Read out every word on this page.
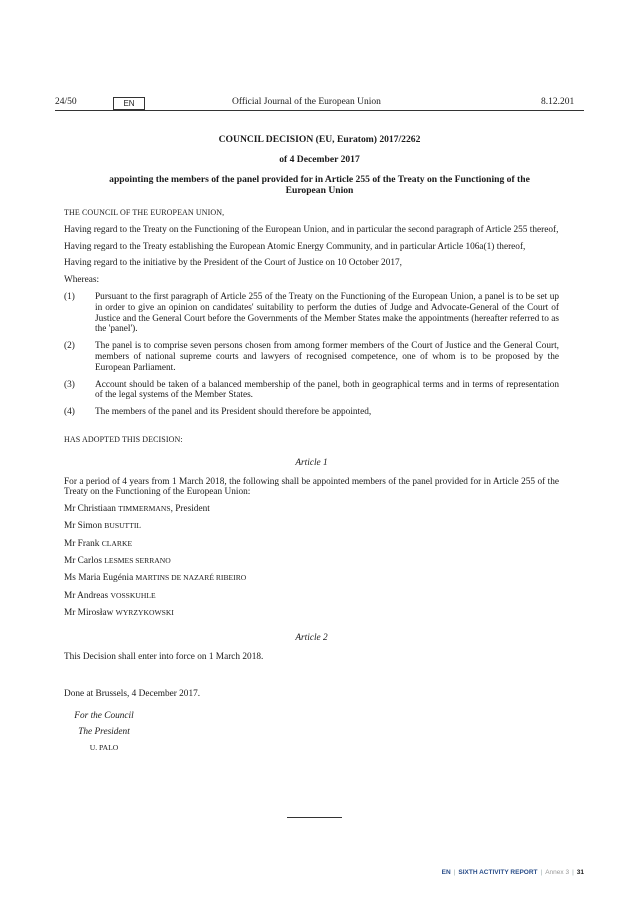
24/50	EN	Official Journal of the European Union	8.12.201

COUNCIL DECISION (EU, Euratom) 2017/2262

of 4 December 2017

appointing the members of the panel provided for in Article 255 of the Treaty on the Functioning of the European Union

THE COUNCIL OF THE EUROPEAN UNION,

Having regard to the Treaty on the Functioning of the European Union, and in particular the second paragraph of Article 255 thereof,

Having regard to the Treaty establishing the European Atomic Energy Community, and in particular Article 106a(1) thereof,

Having regard to the initiative by the President of the Court of Justice on 10 October 2017,

Whereas:

(1)	Pursuant to the first paragraph of Article 255 of the Treaty on the Functioning of the European Union, a panel is to be set up in order to give an opinion on candidates' suitability to perform the duties of Judge and Advocate-General of the Court of Justice and the General Court before the Governments of the Member States make the appointments (hereafter referred to as the 'panel').
(2)	The panel is to comprise seven persons chosen from among former members of the Court of Justice and the General Court, members of national supreme courts and lawyers of recognised competence, one of whom is to be proposed by the European Parliament.
(3)	Account should be taken of a balanced membership of the panel, both in geographical terms and in terms of representation of the legal systems of the Member States.
(4)	The members of the panel and its President should therefore be appointed,

HAS ADOPTED THIS DECISION:

Article 1

For a period of 4 years from 1 March 2018, the following shall be appointed members of the panel provided for in Article 255 of the Treaty on the Functioning of the European Union:

Mr Christiaan TIMMERMANS, President

Mr Simon BUSUTTIL

Mr Frank CLARKE

Mr Carlos LESMES SERRANO

Ms Maria Eugénia MARTINS DE NAZARÉ RIBEIRO

Mr Andreas VOSSKUHLE

Mr Mirosław WYRZYKOWSKI

Article 2

This Decision shall enter into force on 1 March 2018.

Done at Brussels, 4 December 2017.

For the Council

The President

U. PALO

EN | SIXTH ACTIVITY REPORT | Annex 3 | 31
